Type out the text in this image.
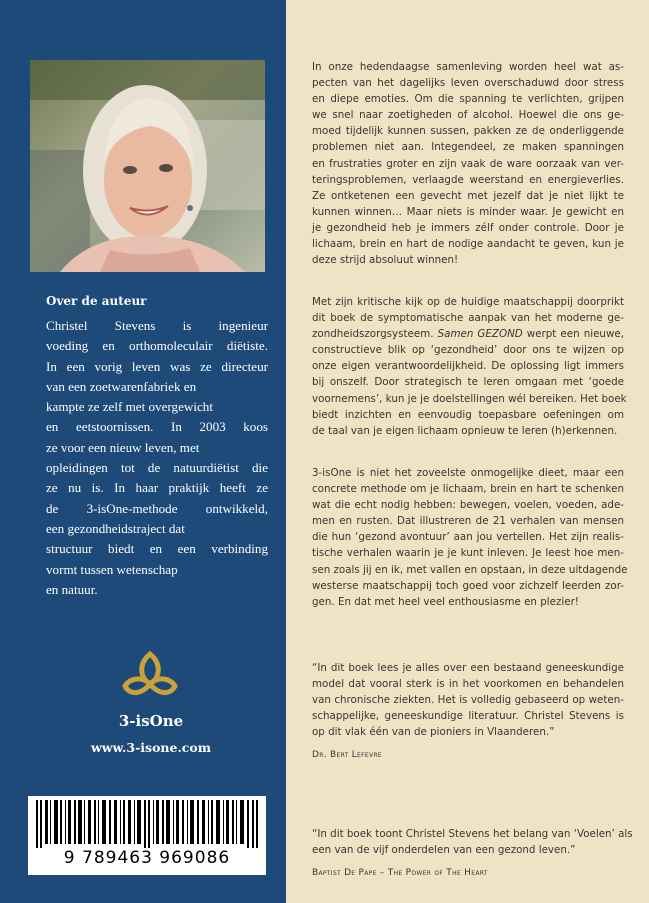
Over de auteur
Christel Stevens is ingenieur
voeding en orthomoleculair diëtiste.
In een vorig leven was ze directeur
van een zoetwarenfabriek en
kampte ze zelf met overgewicht
en eetstoornissen. In 2003 koos
ze voor een nieuw leven, met
opleidingen tot de natuurdiëtist die
ze nu is. In haar praktijk heeft ze
de 3-isOne-methode ontwikkeld,
een gezondheidstraject dat
structuur biedt en een verbinding
vormt tussen wetenschap
en natuur.
3-isOne
www.3-isone.com
9 789463 969086
In onze hedendaagse samenleving worden heel wat as-
pecten van het dagelijks leven overschaduwd door stress
en diepe emoties. Om die spanning te verlichten, grijpen
we snel naar zoetigheden of alcohol. Hoewel die ons ge-
moed tijdelijk kunnen sussen, pakken ze de onderliggende
problemen niet aan. Integendeel, ze maken spanningen
en frustraties groter en zijn vaak de ware oorzaak van ver-
teringsproblemen, verlaagde weerstand en energieverlies.
Ze ontketenen een gevecht met jezelf dat je niet lijkt te
kunnen winnen… Maar niets is minder waar. Je gewicht en
je gezondheid heb je immers zélf onder controle. Door je
lichaam, brein en hart de nodige aandacht te geven, kun je
deze strijd absoluut winnen!
Met zijn kritische kijk op de huidige maatschappij doorprikt
dit boek de symptomatische aanpak van het moderne ge-
zondheidszorgsysteem. Samen GEZOND werpt een nieuwe,
constructieve blik op ‘gezondheid’ door ons te wijzen op
onze eigen verantwoordelijkheid. De oplossing ligt immers
bij onszelf. Door strategisch te leren omgaan met ‘goede
voornemens’, kun je je doelstellingen wél bereiken. Het boek
biedt inzichten en eenvoudig toepasbare oefeningen om
de taal van je eigen lichaam opnieuw te leren (h)erkennen.
3-isOne is niet het zoveelste onmogelijke dieet, maar een
concrete methode om je lichaam, brein en hart te schenken
wat die echt nodig hebben: bewegen, voelen, voeden, ade-
men en rusten. Dat illustreren de 21 verhalen van mensen
die hun ‘gezond avontuur’ aan jou vertellen. Het zijn realis-
tische verhalen waarin je je kunt inleven. Je leest hoe men-
sen zoals jij en ik, met vallen en opstaan, in deze uitdagende
westerse maatschappij toch goed voor zichzelf leerden zor-
gen. En dat met heel veel enthousiasme en plezier!
“In dit boek lees je alles over een bestaand geneeskundige
model dat vooral sterk is in het voorkomen en behandelen
van chronische ziekten. Het is volledig gebaseerd op weten-
schappelijke, geneeskundige literatuur. Christel Stevens is
op dit vlak één van de pioniers in Vlaanderen.”
Dr. Bert Lefevre
“In dit boek toont Christel Stevens het belang van ‘Voelen’ als
een van de vijf onderdelen van een gezond leven.”
Baptist De Pape – The Power of The Heart
